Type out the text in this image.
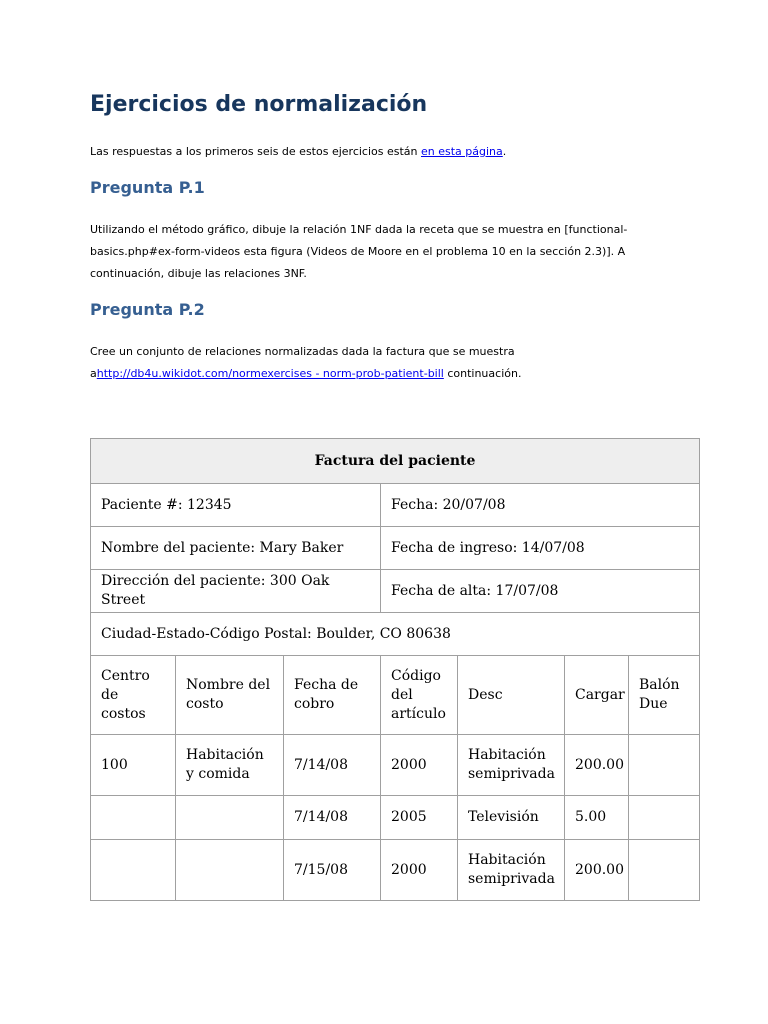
Ejercicios de normalización

Las respuestas a los primeros seis de estos ejercicios están en esta página.

Pregunta P.1
Utilizando el método gráfico, dibuje la relación 1NF dada la receta que se muestra en [functional-
basics.php#ex-form-videos esta figura (Videos de Moore en el problema 10 en la sección 2.3)]. A
continuación, dibuje las relaciones 3NF.
Pregunta P.2
Cree un conjunto de relaciones normalizadas dada la factura que se muestra
ahttp://db4u.wikidot.com/normexercises - norm-prob-patient-bill continuación.
Factura del paciente						
Paciente #: 12345			Fecha: 20/07/08			
Nombre del paciente: Mary Baker			Fecha de ingreso: 14/07/08			
Dirección del paciente: 300 Oak Street			Fecha de alta: 17/07/08			
Ciudad-Estado-Código Postal: Boulder, CO 80638						
Centro de costos	Nombre del costo	Fecha de cobro	Código del artículo	Desc	Cargar	Balón Due
100	Habitación y comida	7/14/08	2000	Habitación semiprivada	200.00	
		7/14/08	2005	Televisión	5.00	
		7/15/08	2000	Habitación semiprivada	200.00	
